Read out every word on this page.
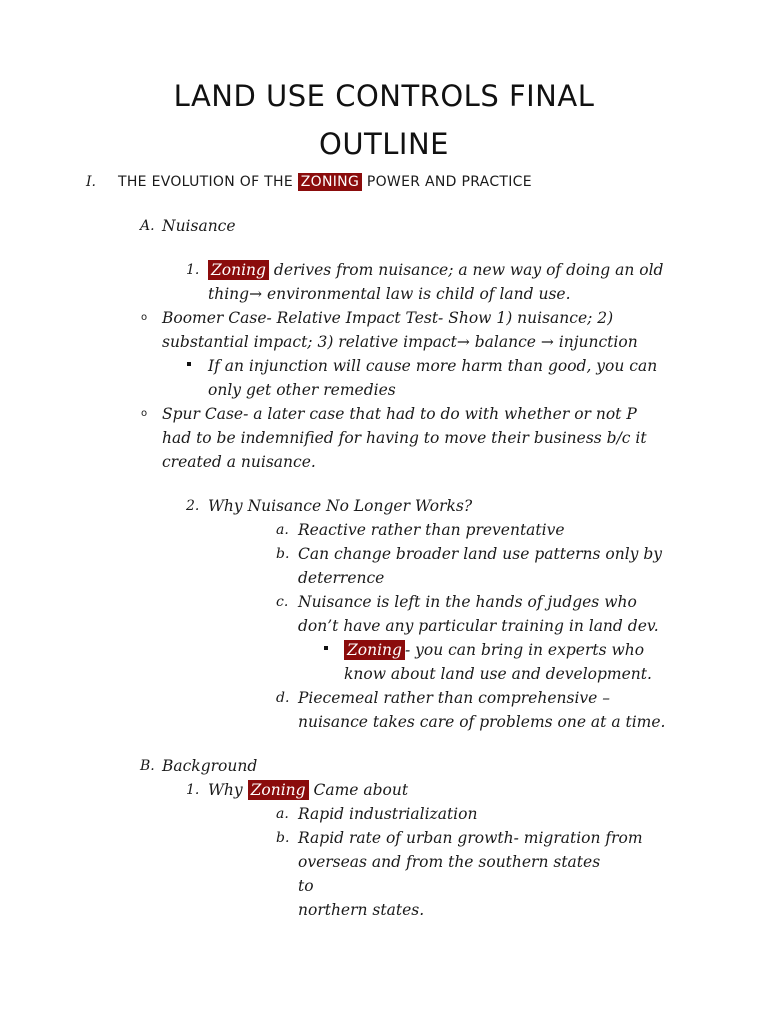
LAND USE CONTROLS FINAL
OUTLINE
I. THE EVOLUTION OF THE ZONING POWER AND PRACTICE
A. Nuisance
1. Zoning derives from nuisance; a new way of doing an old
thing→ environmental law is child of land use.
o Boomer Case- Relative Impact Test- Show 1) nuisance; 2)
substantial impact; 3) relative impact→ balance → injunction
If an injunction will cause more harm than good, you can
only get other remedies
o Spur Case- a later case that had to do with whether or not P
had to be indemnified for having to move their business b/c it
created a nuisance.
2. Why Nuisance No Longer Works?
a. Reactive rather than preventative
b. Can change broader land use patterns only by
deterrence
c. Nuisance is left in the hands of judges who
don’t have any particular training in land dev.
Zoning - you can bring in experts who
know about land use and development.
d. Piecemeal rather than comprehensive –
nuisance takes care of problems one at a time.
B. Background
1. Why Zoning Came about
a. Rapid industrialization
b. Rapid rate of urban growth- migration from
overseas and from the southern states
to
northern states.
